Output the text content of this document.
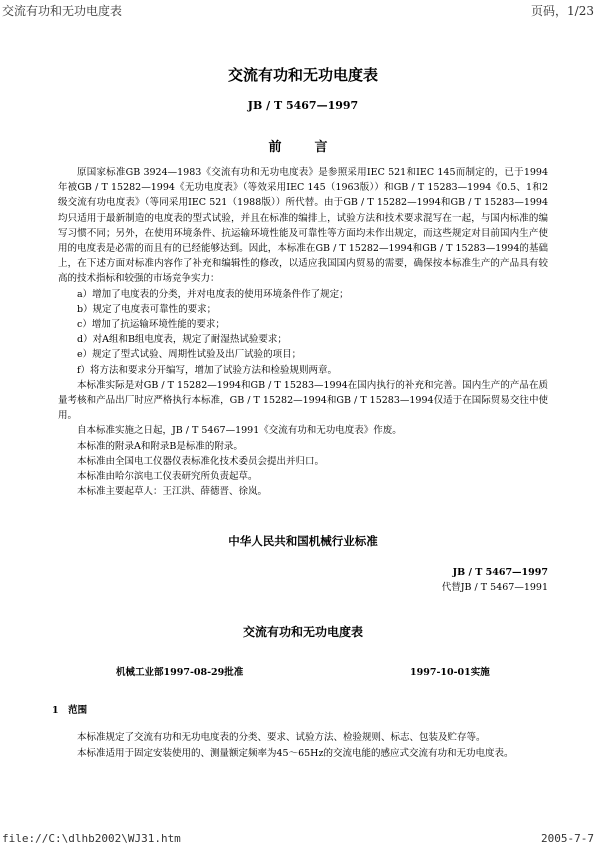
交流有功和无功电度表	页码，1/23
交流有功和无功电度表
JB / T 5467—1997
前　言

原国家标准GB 3924—1983《交流有功和无功电度表》是参照采用IEC 521和IEC 145而制定的，已于1994年被GB / T 15282—1994《无功电度表》（等效采用IEC 145（1963版））和GB / T 15283—1994《0.5、1和2级交流有功电度表》（等同采用IEC 521（1988版））所代替。由于GB / T 15282—1994和GB / T 15283—1994均只适用于最新制造的电度表的型式试验，并且在标准的编排上，试验方法和技术要求混写在一起，与国内标准的编写习惯不同；另外，在使用环境条件、抗运输环境性能及可靠性等方面均未作出规定，而这些规定对目前国内生产使用的电度表是必需的而且有的已经能够达到。因此，本标准在GB / T 15282—1994和GB / T 15283—1994的基础上，在下述方面对标准内容作了补充和编辑性的修改，以适应我国国内贸易的需要，确保按本标准生产的产品具有较高的技术指标和较强的市场竞争实力：

a）增加了电度表的分类，并对电度表的使用环境条件作了规定；

b）规定了电度表可靠性的要求；

c）增加了抗运输环境性能的要求；

d）对A组和B组电度表，规定了耐湿热试验要求；

e）规定了型式试验、周期性试验及出厂试验的项目；

f）将方法和要求分开编写，增加了试验方法和检验规则两章。

本标准实际是对GB / T 15282—1994和GB / T 15283—1994在国内执行的补充和完善。国内生产的产品在质量考核和产品出厂时应严格执行本标准，GB / T 15282—1994和GB / T 15283—1994仅适于在国际贸易交往中使用。

自本标准实施之日起，JB / T 5467—1991《交流有功和无功电度表》作废。

本标准的附录A和附录B是标准的附录。

本标准由全国电工仪器仪表标准化技术委员会提出并归口。

本标准由哈尔滨电工仪表研究所负责起草。

本标准主要起草人：王江洪、薛德晋、徐岚。

中华人民共和国机械行业标准
JB / T 5467—1997
代替JB / T 5467—1991
交流有功和无功电度表
机械工业部1997-08-29批准	1997-10-01实施
1　范围

本标准规定了交流有功和无功电度表的分类、要求、试验方法、检验规则、标志、包装及贮存等。

本标准适用于固定安装使用的、测量额定频率为45～65Hz的交流电能的感应式交流有功和无功电度表。

file://C:\dlhb2002\WJ31.htm	2005-7-7
